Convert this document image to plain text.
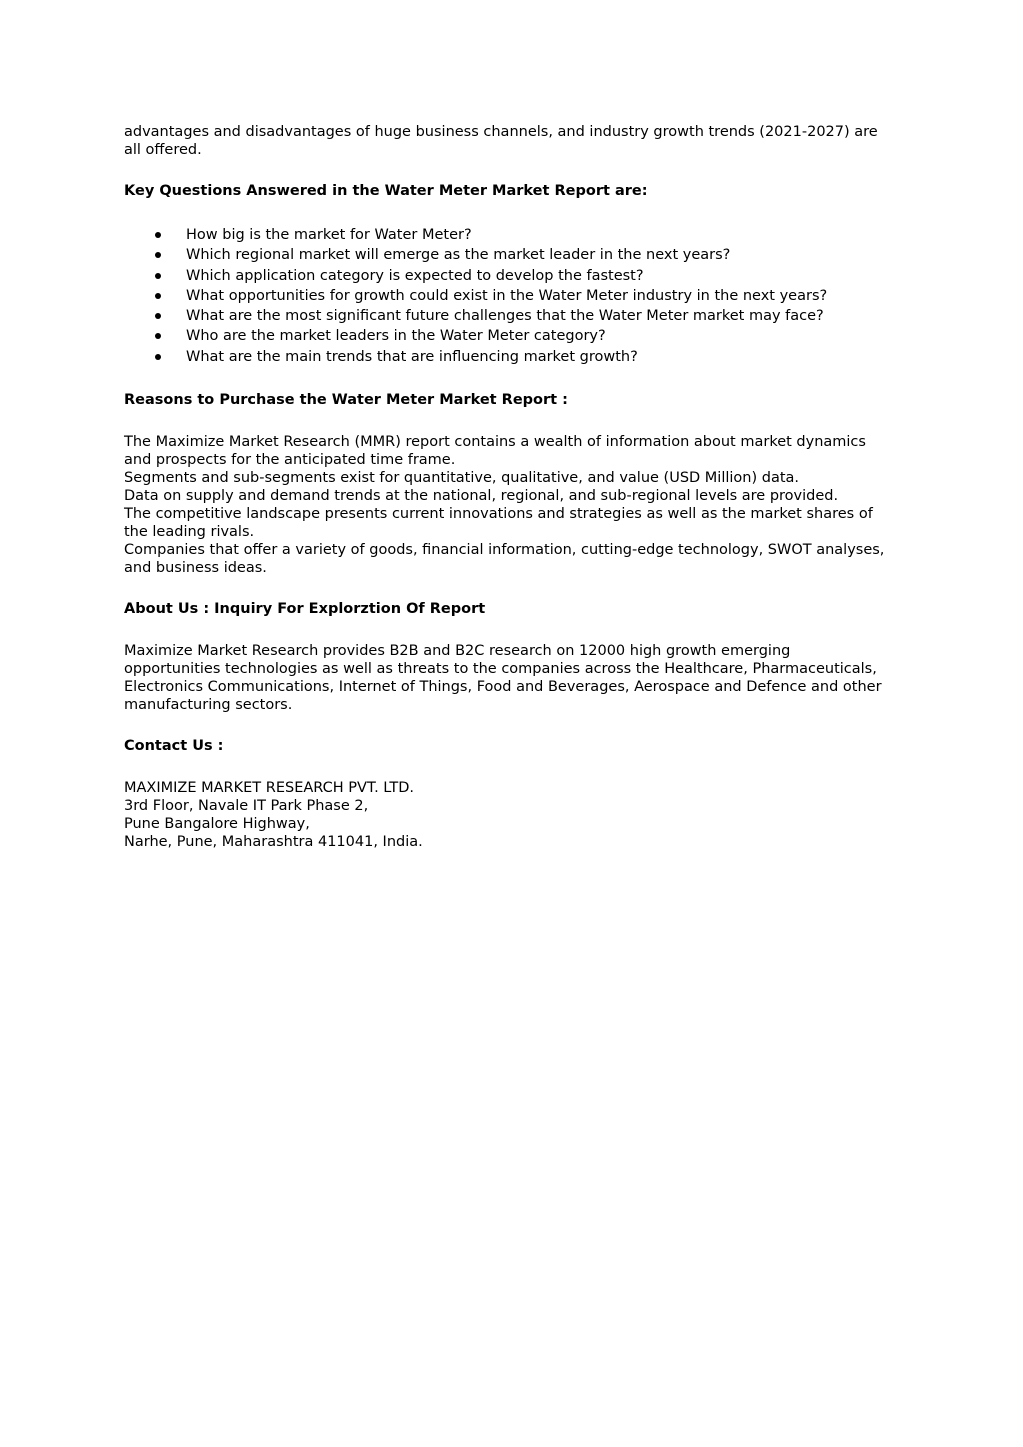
advantages and disadvantages of huge business channels, and industry growth trends (2021-2027) are
all offered.

Key Questions Answered in the Water Meter Market Report are:
How big is the market for Water Meter?
Which regional market will emerge as the market leader in the next years?
Which application category is expected to develop the fastest?
What opportunities for growth could exist in the Water Meter industry in the next years?
What are the most significant future challenges that the Water Meter market may face?
Who are the market leaders in the Water Meter category?
What are the main trends that are influencing market growth?
Reasons to Purchase the Water Meter Market Report :

The Maximize Market Research (MMR) report contains a wealth of information about market dynamics
and prospects for the anticipated time frame.
Segments and sub-segments exist for quantitative, qualitative, and value (USD Million) data.
Data on supply and demand trends at the national, regional, and sub-regional levels are provided.
The competitive landscape presents current innovations and strategies as well as the market shares of
the leading rivals.
Companies that offer a variety of goods, financial information, cutting-edge technology, SWOT analyses,
and business ideas.

About Us : Inquiry For Explorztion Of Report

Maximize Market Research provides B2B and B2C research on 12000 high growth emerging
opportunities technologies as well as threats to the companies across the Healthcare, Pharmaceuticals,
Electronics Communications, Internet of Things, Food and Beverages, Aerospace and Defence and other
manufacturing sectors.

Contact Us :

MAXIMIZE MARKET RESEARCH PVT. LTD.
3rd Floor, Navale IT Park Phase 2,
Pune Bangalore Highway,
Narhe, Pune, Maharashtra 411041, India.
